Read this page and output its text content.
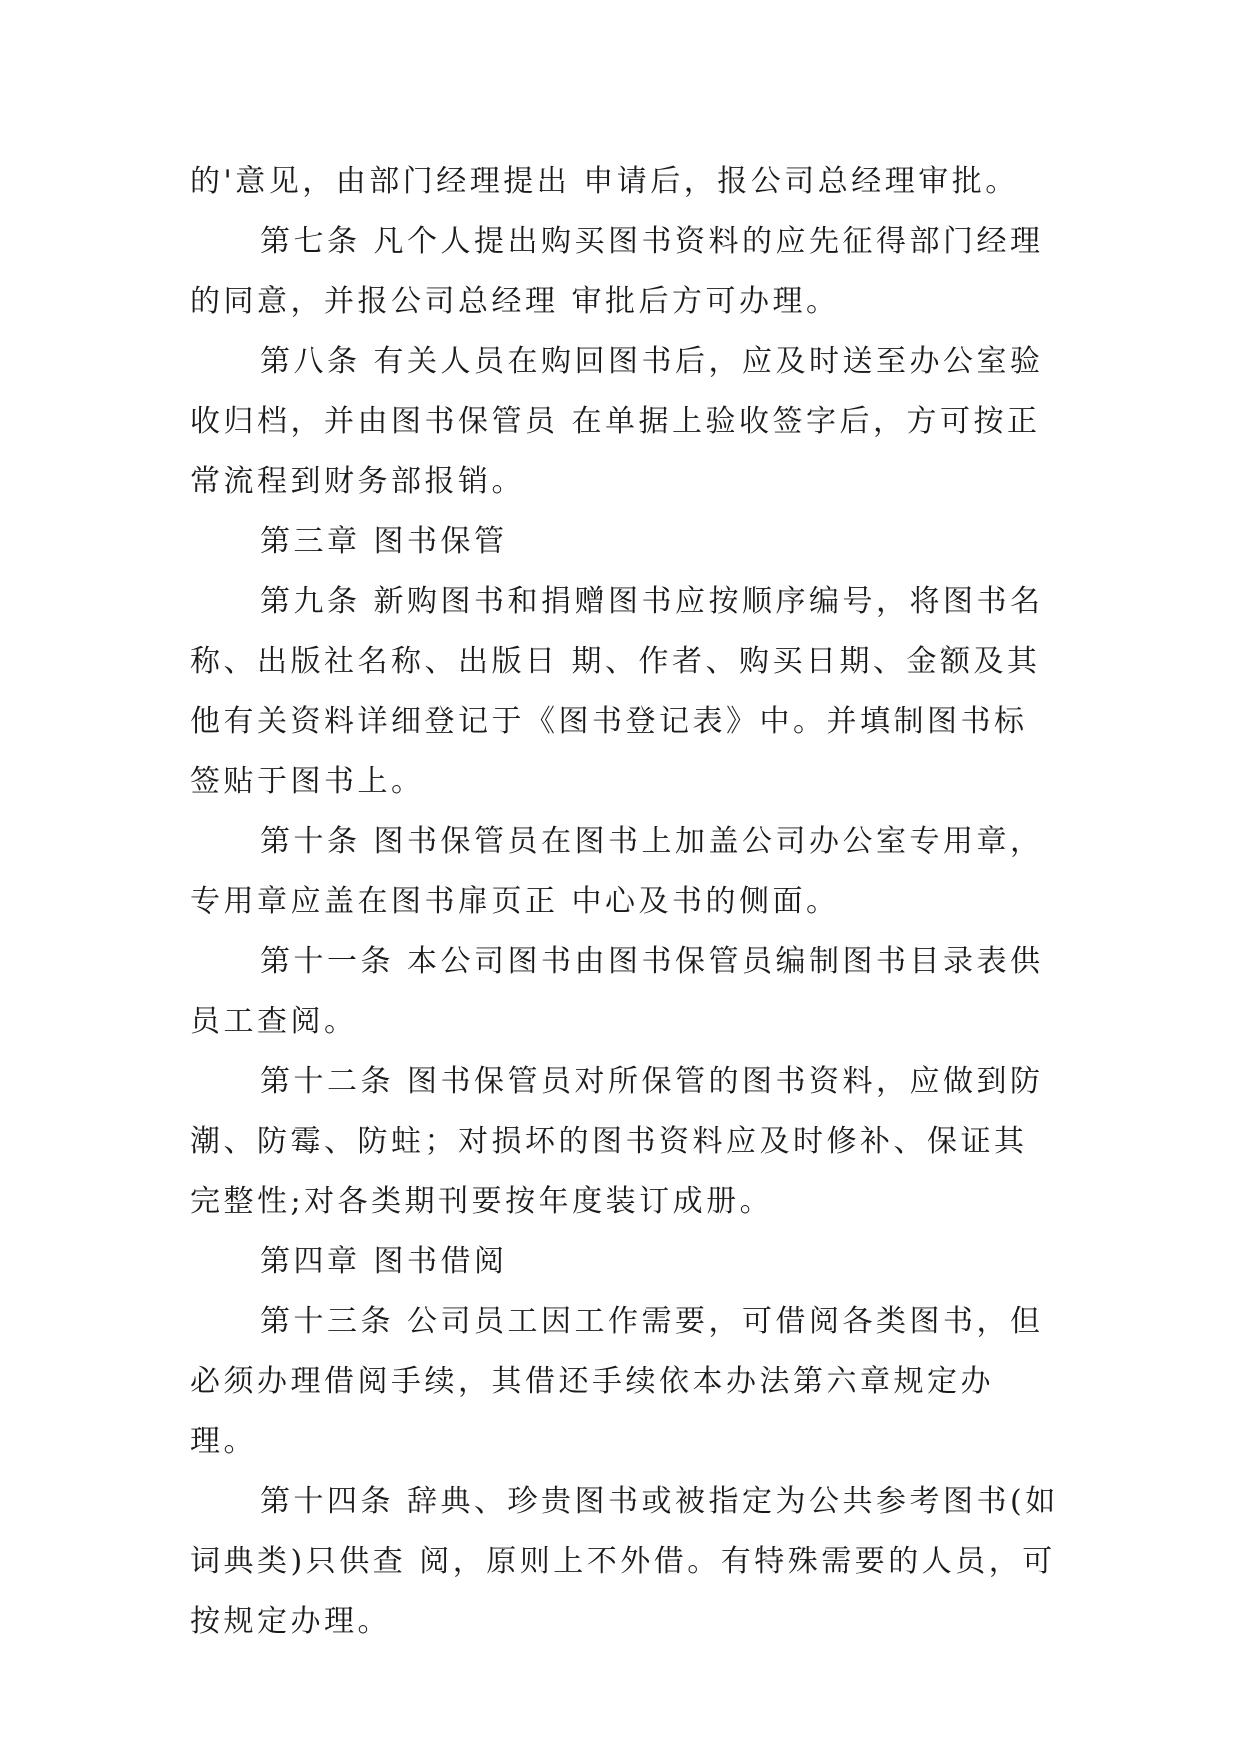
的'意见，由部门经理提出 申请后，报公司总经理审批。

第七条 凡个人提出购买图书资料的应先征得部门经理的同意，并报公司总经理 审批后方可办理。

第八条 有关人员在购回图书后，应及时送至办公室验收归档，并由图书保管员 在单据上验收签字后，方可按正常流程到财务部报销。

第三章 图书保管

第九条 新购图书和捐赠图书应按顺序编号，将图书名称、出版社名称、出版日 期、作者、购买日期、金额及其他有关资料详细登记于《图书登记表》中。并填制图书标签贴于图书上。

第十条 图书保管员在图书上加盖公司办公室专用章，专用章应盖在图书扉页正 中心及书的侧面。

第十一条 本公司图书由图书保管员编制图书目录表供员工查阅。

第十二条 图书保管员对所保管的图书资料，应做到防潮、防霉、防蛀；对损坏的图书资料应及时修补、保证其完整性;对各类期刊要按年度装订成册。

第四章 图书借阅

第十三条 公司员工因工作需要，可借阅各类图书，但必须办理借阅手续，其借还手续依本办法第六章规定办理。

第十四条 辞典、珍贵图书或被指定为公共参考图书(如词典类)只供查 阅，原则上不外借。有特殊需要的人员，可按规定办理。
